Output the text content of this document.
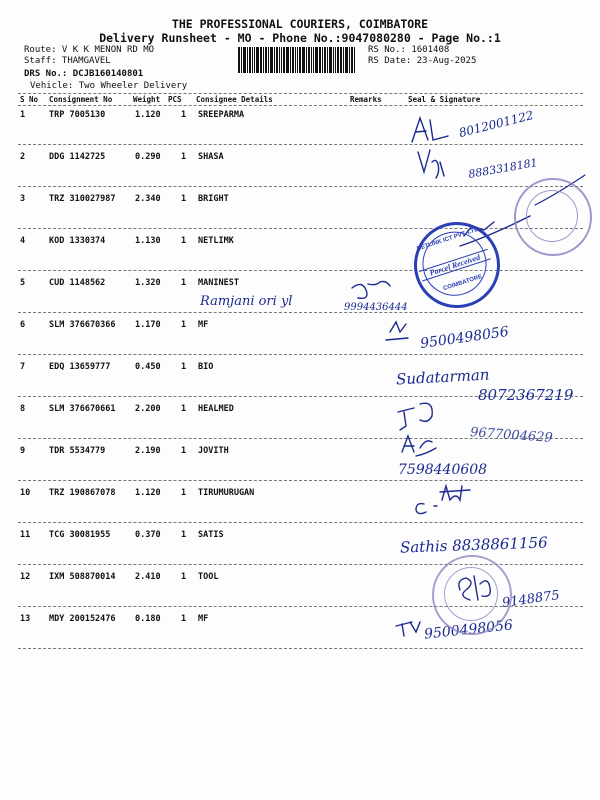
THE PROFESSIONAL COURIERS, COIMBATORE
Delivery Runsheet - MO - Phone No.:9047080280 - Page No.:1
Route: V K K MENON RD MO
Staff: THAMGAVEL
DRS No.: DCJB160140801
Vehicle: Two Wheeler Delivery
RS No.: 1601408
RS Date: 23-Aug-2025
S No Consignment No	Weight PCS Consignee Details	Remarks	Seal & Signature
1	TRP 7005130	1.120 1 SREEPARMA
2	DDG 1142725	0.290 1 SHASA
3	TRZ 310027987 2.340 1 BRIGHT
4	KOD 1330374	1.130 1 NETLIMK
5	CUD 1148562	1.320 1 MANINEST
6	SLM 376670366 1.170 1 MF
7	EDQ 13659777	0.450 1 BIO
8	SLM 376670661 2.200 1 HEALMED
9	TDR 5534779	2.190 1 JOVITH
10 TRZ 190867078 1.120 1 TIRUMURUGAN
11 TCG 30081955	0.370 1 SATIS
12 IXM 508870014 2.410 1 TOOL
13 MDY 200152476 0.180 1 MF
8012001122
8883318181
Ramjani ori yl	9994436444
9500498056
Sudatarman
8072367219
9677004629
7598440608
Sathis 8838861156
9148875
9500498056
NETLINK ICT PVT. LTD.
Parcel Received
COIMBATORE
